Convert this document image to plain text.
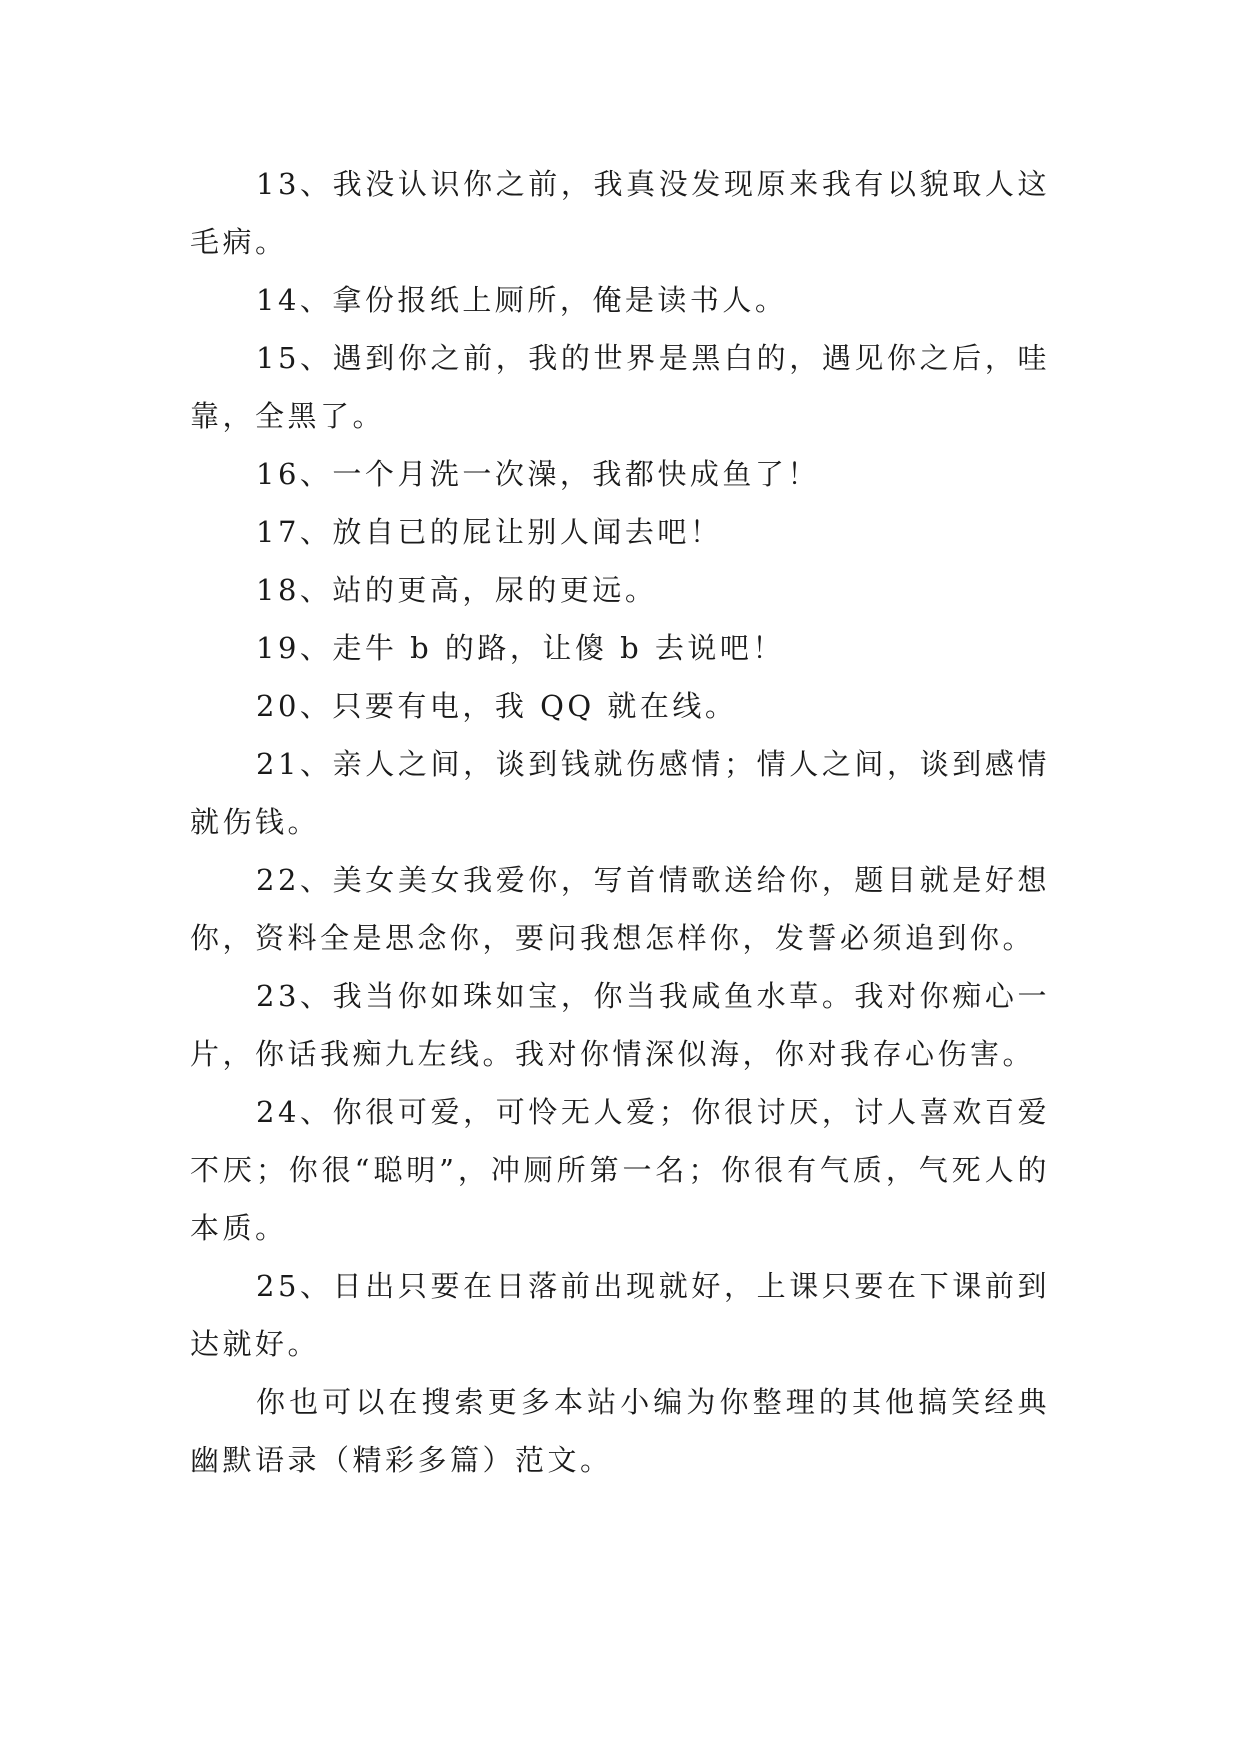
13、我没认识你之前，我真没发现原来我有以貌取人这毛病。

14、拿份报纸上厕所，俺是读书人。

15、遇到你之前，我的世界是黑白的，遇见你之后，哇靠，全黑了。

16、一个月洗一次澡，我都快成鱼了！

17、放自已的屁让别人闻去吧！

18、站的更高，尿的更远。

19、走牛 b 的路，让傻 b 去说吧！

20、只要有电，我 QQ 就在线。

21、亲人之间，谈到钱就伤感情；情人之间，谈到感情就伤钱。

22、美女美女我爱你，写首情歌送给你，题目就是好想你，资料全是思念你，要问我想怎样你，发誓必须追到你。

23、我当你如珠如宝，你当我咸鱼水草。我对你痴心一片，你话我痴九左线。我对你情深似海，你对我存心伤害。

24、你很可爱，可怜无人爱；你很讨厌，讨人喜欢百爱不厌；你很“聪明”，冲厕所第一名；你很有气质，气死人的本质。

25、日出只要在日落前出现就好，上课只要在下课前到达就好。

你也可以在搜索更多本站小编为你整理的其他搞笑经典幽默语录（精彩多篇）范文。
